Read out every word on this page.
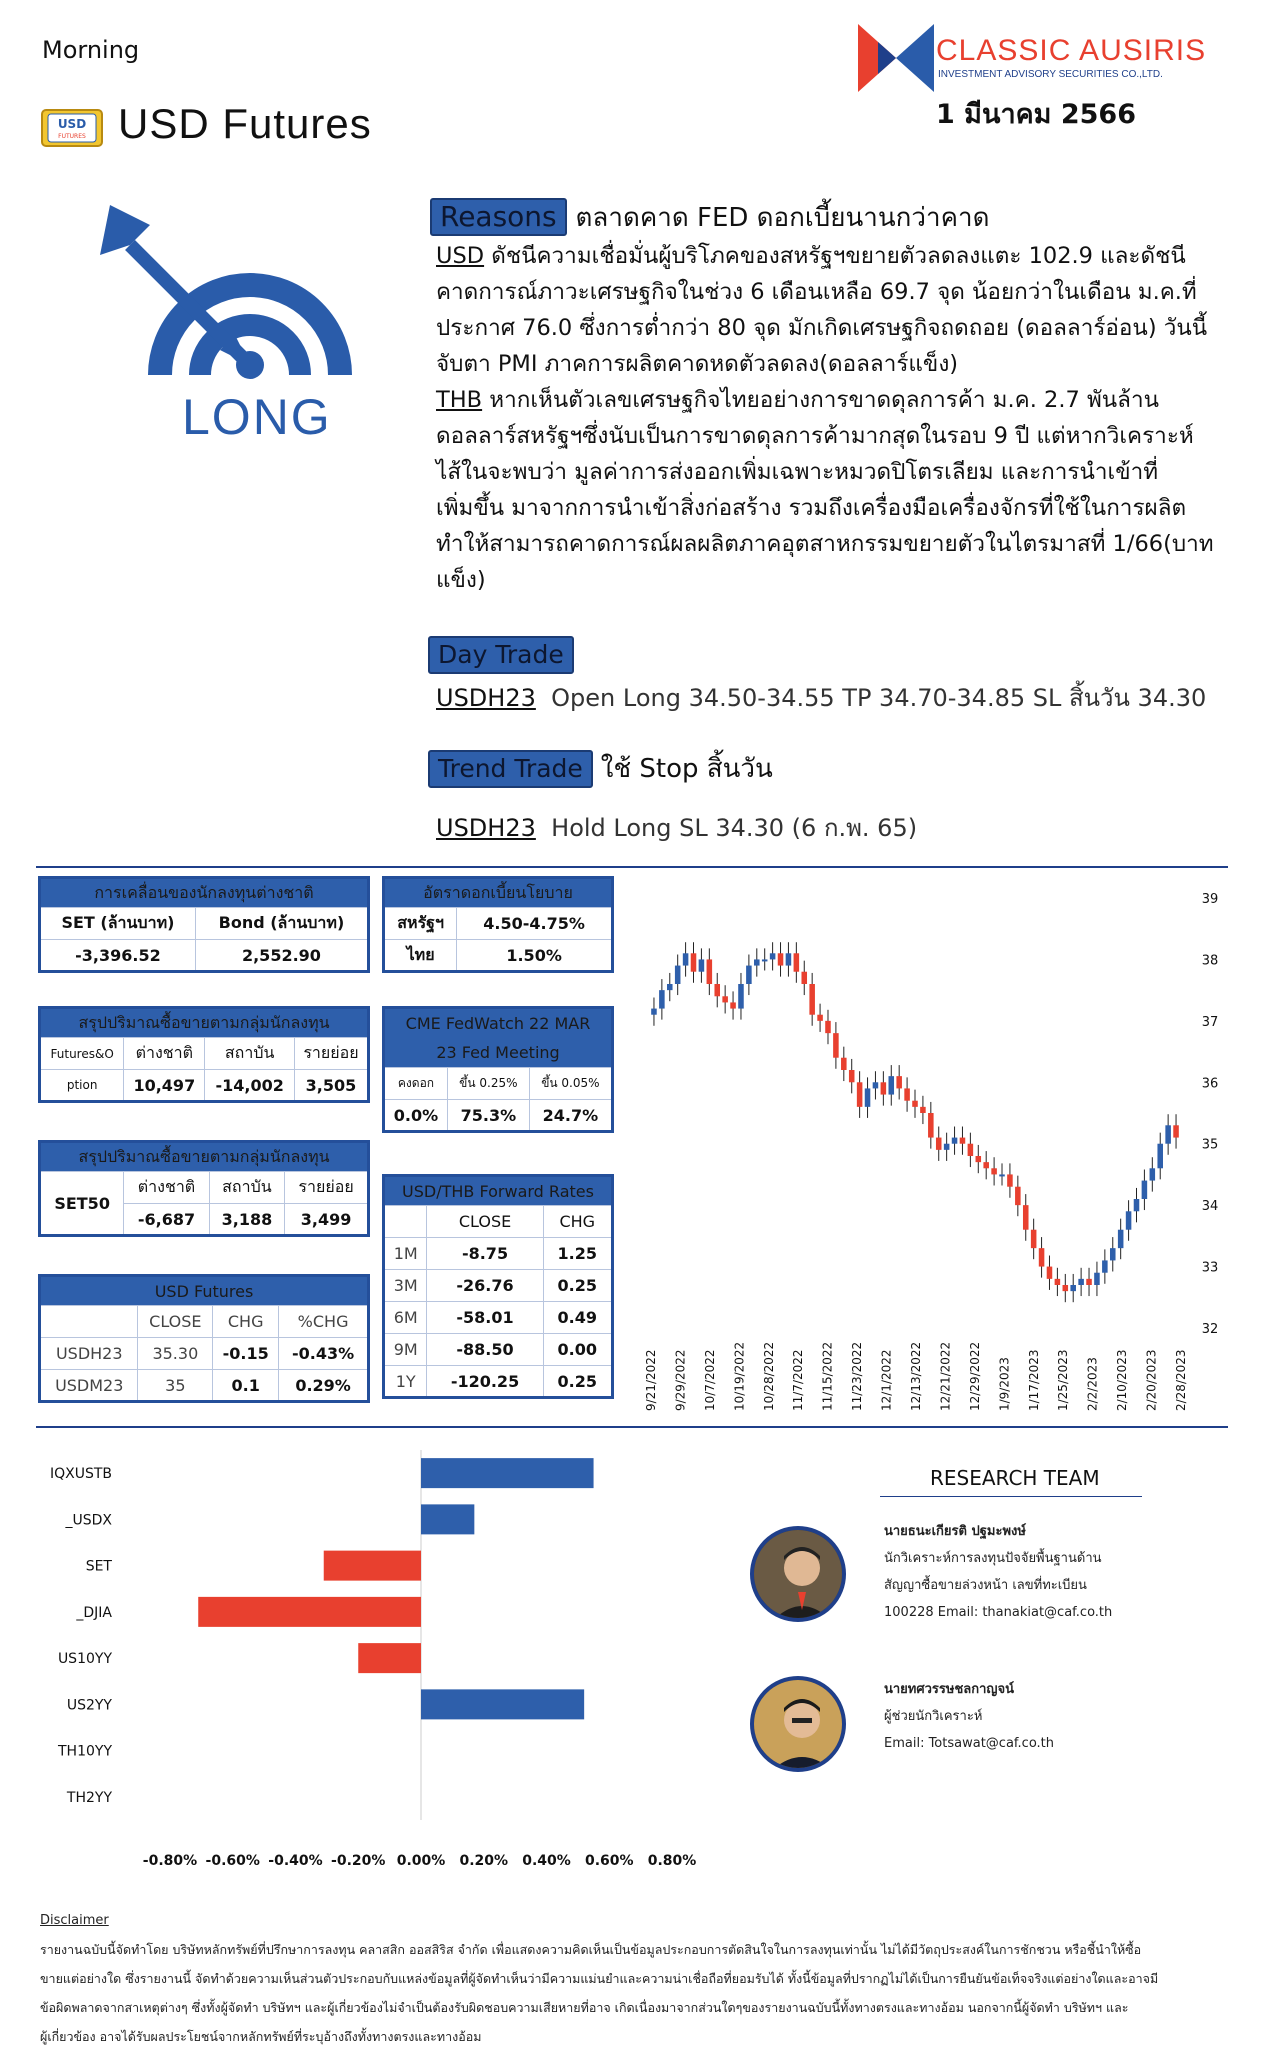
Morning
USD
FUTURES USD Futures
CLASSIC AUSIRIS
INVESTMENT ADVISORY SECURITIES CO.,LTD.
1 มีนาคม 2566
LONG
Reasons ตลาดคาด FED ดอกเบี้ยนานกว่าคาด
USD ดัชนีความเชื่อมั่นผู้บริโภคของสหรัฐฯขยายตัวลดลงแตะ 102.9 และดัชนี
คาดการณ์ภาวะเศรษฐกิจในช่วง 6 เดือนเหลือ 69.7 จุด น้อยกว่าในเดือน ม.ค.ที่
ประกาศ 76.0 ซึ่งการต่ำกว่า 80 จุด มักเกิดเศรษฐกิจถดถอย (ดอลลาร์อ่อน) วันนี้
จับตา PMI ภาคการผลิตคาดหดตัวลดลง(ดอลลาร์แข็ง)
THB หากเห็นตัวเลขเศรษฐกิจไทยอย่างการขาดดุลการค้า ม.ค. 2.7 พันล้าน
ดอลลาร์สหรัฐฯซึ่งนับเป็นการขาดดุลการค้ามากสุดในรอบ 9 ปี แต่หากวิเคราะห์
ไส้ในจะพบว่า มูลค่าการส่งออกเพิ่มเฉพาะหมวดปิโตรเลียม และการนำเข้าที่
เพิ่มขึ้น มาจากการนำเข้าสิ่งก่อสร้าง รวมถึงเครื่องมือเครื่องจักรที่ใช้ในการผลิต
ทำให้สามารถคาดการณ์ผลผลิตภาคอุตสาหกรรมขยายตัวในไตรมาสที่ 1/66(บาท
แข็ง)
Day Trade
USDH23 Open Long 34.50-34.55 TP 34.70-34.85 SL สิ้นวัน 34.30
Trend Trade ใช้ Stop สิ้นวัน
USDH23 Hold Long SL 34.30 (6 ก.พ. 65)
การเคลื่อนของนักลงทุนต่างชาติ	
SET (ล้านบาท)	Bond (ล้านบาท)
-3,396.52	2,552.90
อัตราดอกเบี้ยนโยบาย	
สหรัฐฯ	4.50-4.75%
ไทย	1.50%
สรุปปริมาณซื้อขายตามกลุ่มนักลงทุน			
Futures&O	ต่างชาติ	สถาบัน	รายย่อย
ption	10,497	-14,002	3,505
CME FedWatch 22 MAR		
23 Fed Meeting		
คงดอก	ขึ้น 0.25%	ขึ้น 0.05%
0.0%	75.3%	24.7%
สรุปปริมาณซื้อขายตามกลุ่มนักลงทุน			
SET50	ต่างชาติ	สถาบัน	รายย่อย
	-6,687	3,188	3,499
USD/THB Forward Rates		
	CLOSE	CHG
1M	-8.75	1.25
3M	-26.76	0.25
6M	-58.01	0.49
9M	-88.50	0.00
1Y	-120.25	0.25
USD Futures			
	CLOSE	CHG	%CHG
USDH23	35.30	-0.15	-0.43%
USDM23	35	0.1	0.29%
39
38
37
36
35
34
33
32
9/21/2022 9/29/2022 10/7/2022 10/19/2022 10/28/2022 11/7/2022 11/15/2022 11/23/2022 12/1/2022 12/13/2022 12/21/2022 12/29/2022 1/9/2023 1/17/2023 1/25/2023 2/2/2023 2/10/2023 2/20/2023 2/28/2023
IQXUSTB
_USDX
SET
_DJIA
US10YY
US2YY
TH10YY
TH2YY
-0.80% -0.60% -0.40% -0.20% 0.00% 0.20% 0.40% 0.60% 0.80%
RESEARCH TEAM
นายธนะเกียรติ ปฐมะพงษ์
นักวิเคราะห์การลงทุนปัจจัยพื้นฐานด้าน
สัญญาซื้อขายล่วงหน้า เลขที่ทะเบียน
100228 Email: thanakiat@caf.co.th
นายทศวรรษชลกาญจน์
ผู้ช่วยนักวิเคราะห์
Email: Totsawat@caf.co.th
Disclaimer
รายงานฉบับนี้จัดทำโดย บริษัทหลักทรัพย์ที่ปรึกษาการลงทุน คลาสสิก ออสสิริส จำกัด เพื่อแสดงความคิดเห็นเป็นข้อมูลประกอบการตัดสินใจในการลงทุนเท่านั้น ไม่ได้มีวัตถุประสงค์ในการชักชวน หรือชี้นำให้ซื้อ
ขายแต่อย่างใด ซึ่งรายงานนี้ จัดทำด้วยความเห็นส่วนตัวประกอบกับแหล่งข้อมูลที่ผู้จัดทำเห็นว่ามีความแม่นยำและความน่าเชื่อถือที่ยอมรับได้ ทั้งนี้ข้อมูลที่ปรากฏไม่ได้เป็นการยืนยันข้อเท็จจริงแต่อย่างใดและอาจมี
ข้อผิดพลาดจากสาเหตุต่างๆ ซึ่งทั้งผู้จัดทำ บริษัทฯ และผู้เกี่ยวข้องไม่จำเป็นต้องรับผิดชอบความเสียหายที่อาจ เกิดเนื่องมาจากส่วนใดๆของรายงานฉบับนี้ทั้งทางตรงและทางอ้อม นอกจากนี้ผู้จัดทำ บริษัทฯ และ
ผู้เกี่ยวข้อง อาจได้รับผลประโยชน์จากหลักทรัพย์ที่ระบุอ้างถึงทั้งทางตรงและทางอ้อม
